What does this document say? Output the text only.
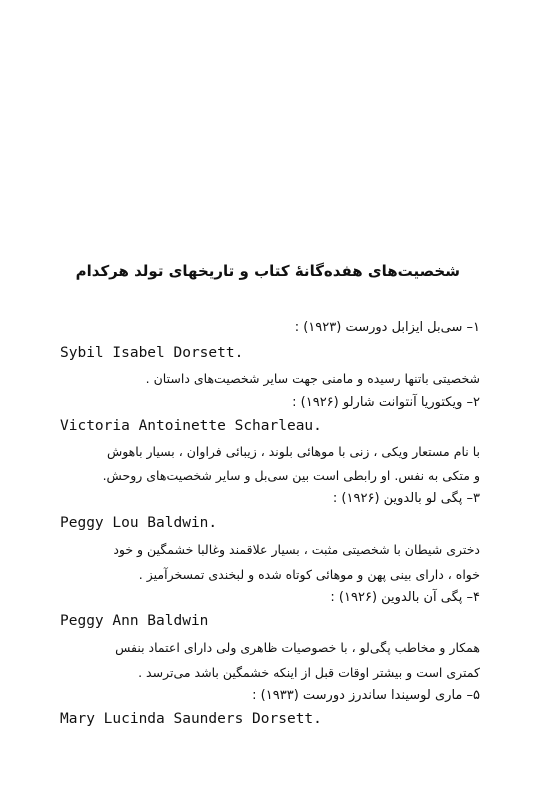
شخصیت‌های هفده‌گانهٔ کتاب و تاریخهای تولد هرکدام
۱– سی‌بل ایزابل دورست (۱۹۲۳) :
Sybil Isabel Dorsett.
شخصیتی باتنها رسیده و مامنی جهت سایر شخصیت‌های داستان .
۲– ویکتوریا آنتوانت شارلو (۱۹۲۶) :
Victoria Antoinette Scharleau.
با نام مستعار ویکی ، زنی با موهائی بلوند ، زیبائی فراوان ، بسیار باهوش
و متکی به نفس. او رابطی است بین سی‌بل و سایر شخصیت‌های روحش.
۳– پگی لو بالدوین (۱۹۲۶) :
Peggy Lou Baldwin.
دختری شیطان با شخصیتی مثبت ، بسیار علاقمند وغالبا خشمگین و خود
خواه ، دارای بینی پهن و موهائی کوتاه شده و لبخندی تمسخرآمیز .
۴– پگی آن بالدوین (۱۹۲۶) :
Peggy Ann Baldwin
همکار و مخاطب پگی‌لو ، با خصوصیات ظاهری ولی دارای اعتماد بنفس
کمتری است و بیشتر اوقات قبل از اینکه خشمگین باشد می‌ترسد .
۵– ماری لوسیندا ساندرز دورست (۱۹۳۳) :
Mary Lucinda Saunders Dorsett.
